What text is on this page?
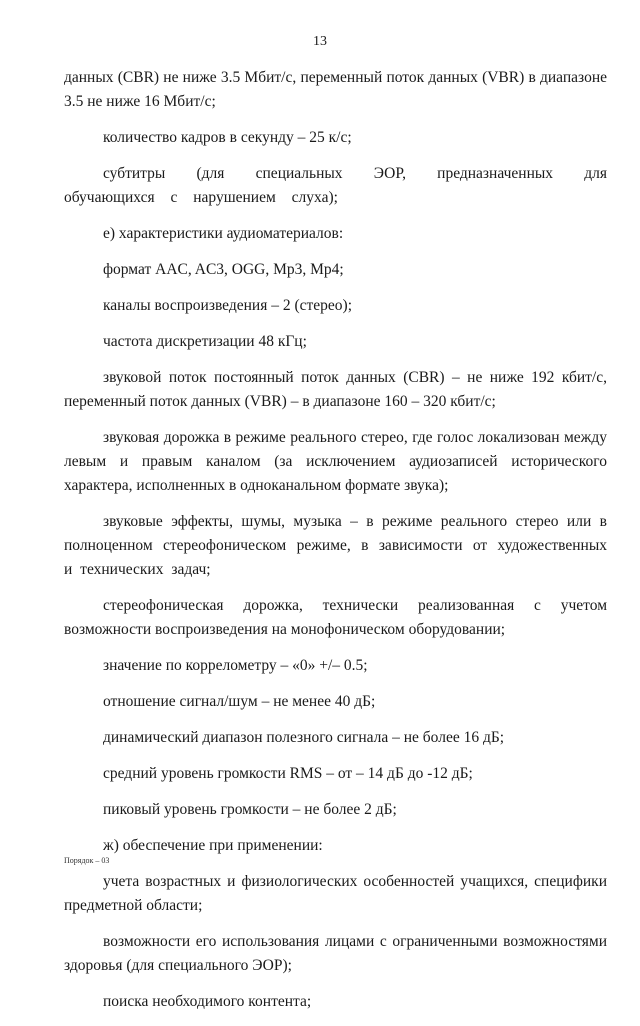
13

данных (CBR) не ниже 3.5 Мбит/с, переменный поток данных (VBR) в диапазоне 3.5 не ниже 16 Мбит/с;

количество кадров в секунду – 25 к/с;

субтитры (для специальных ЭОР, предназначенных для обучающихся с нарушением слуха);

е) характеристики аудиоматериалов:

формат AAC, AC3, OGG, Mp3, Mp4;

каналы воспроизведения – 2 (стерео);

частота дискретизации 48 кГц;

звуковой поток постоянный поток данных (CBR) – не ниже 192 кбит/с, переменный поток данных (VBR) – в диапазоне 160 – 320 кбит/с;

звуковая дорожка в режиме реального стерео, где голос локализован между левым и правым каналом (за исключением аудиозаписей исторического характера, исполненных в одноканальном формате звука);

звуковые эффекты, шумы, музыка – в режиме реального стерео или в полноценном стереофоническом режиме, в зависимости от художественных и технических задач;

стереофоническая дорожка, технически реализованная с учетом возможности воспроизведения на монофоническом оборудовании;

значение по коррелометру – «0» +/– 0.5;

отношение сигнал/шум – не менее 40 дБ;

динамический диапазон полезного сигнала – не более 16 дБ;

средний уровень громкости RMS – от – 14 дБ до -12 дБ;

пиковый уровень громкости – не более 2 дБ;

ж) обеспечение при применении:

учета возрастных и физиологических особенностей учащихся, специфики предметной области;

возможности его использования лицами с ограниченными возможностями здоровья (для специального ЭОР);

поиска необходимого контента;

Порядок – 03
